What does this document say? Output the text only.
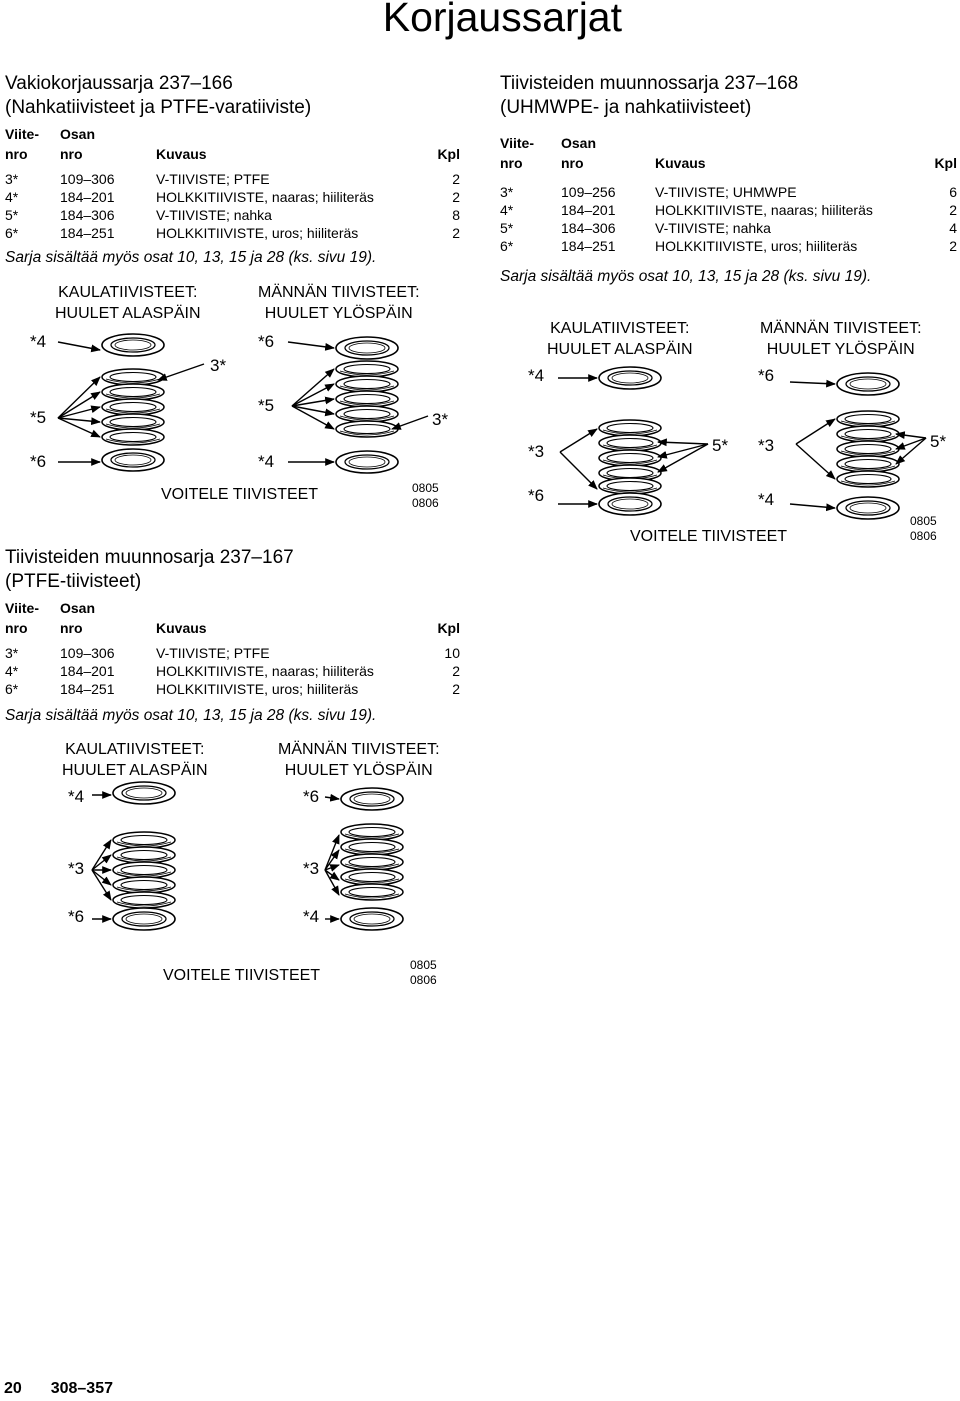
Korjaussarjat
Vakiokorjaussarja 237–166
(Nahkatiivisteet ja PTFE-varatiiviste)
Viite-
nro
Osan
nro	Kuvaus	Kpl
3*	109–306	V-TIIVISTE; PTFE	2
4*	184–201	HOLKKITIIVISTE, naaras; hiiliteräs	2
5*	184–306	V-TIIVISTE; nahka	8
6*	184–251	HOLKKITIIVISTE, uros; hiiliteräs	2
Sarja sisältää myös osat 10, 13, 15 ja 28 (ks. sivu 19).
KAULATIIVISTEET:
HUULET ALASPÄIN
MÄNNÄN TIIVISTEET:
HUULET YLÖSPÄIN
*4
3*
*5
*6
*6
*5
3*
*4
VOITELE TIIVISTEET	0805
0806
Tiivisteiden muunnosarja 237–167
(PTFE-tiivisteet)
Viite-
nro
Osan
nro	Kuvaus	Kpl
3*	109–306	V-TIIVISTE; PTFE	10
4*	184–201	HOLKKITIIVISTE, naaras; hiiliteräs	2
6*	184–251	HOLKKITIIVISTE, uros; hiiliteräs	2
Sarja sisältää myös osat 10, 13, 15 ja 28 (ks. sivu 19).
KAULATIIVISTEET:
HUULET ALASPÄIN
MÄNNÄN TIIVISTEET:
HUULET YLÖSPÄIN
*4
*3
*6
*6
*3
*4
VOITELE TIIVISTEET
0805
0806
Tiivisteiden muunnossarja 237–168
(UHMWPE- ja nahkatiivisteet)
Viite-
nro
Osan
nro	Kuvaus	Kpl
3*	109–256	V-TIIVISTE; UHMWPE	6
4*	184–201	HOLKKITIIVISTE, naaras; hiiliteräs	2
5*	184–306	V-TIIVISTE; nahka	4
6*	184–251	HOLKKITIIVISTE, uros; hiiliteräs	2
Sarja sisältää myös osat 10, 13, 15 ja 28 (ks. sivu 19).
KAULATIIVISTEET:
HUULET ALASPÄIN
MÄNNÄN TIIVISTEET:
HUULET YLÖSPÄIN
*4
*3
*6
5*
*6
*3
*4
5*
VOITELE TIIVISTEET
0805
0806
20 308–357
